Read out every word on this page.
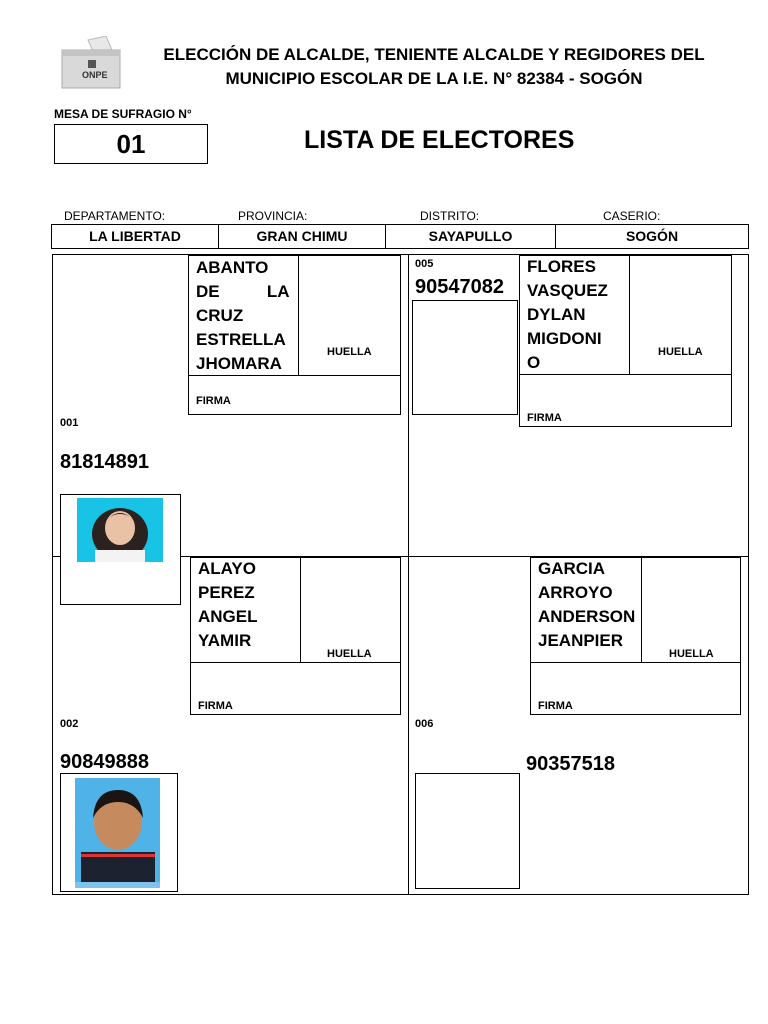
ONPE
ELECCIÓN DE ALCALDE, TENIENTE ALCALDE Y REGIDORES DEL
MUNICIPIO ESCOLAR DE LA I.E. N° 82384 - SOGÓN
MESA DE SUFRAGIO N°
01	LISTA DE ELECTORES
DEPARTAMENTO:	PROVINCIA:	DISTRITO:	CASERIO:
LA LIBERTAD	GRAN CHIMU	SAYAPULLO	SOGÓN
ABANTO
DE          LA
CRUZ
ESTRELLA
JHOMARA
HUELLA
FIRMA
001
81814891
005
90547082
FLORES
VASQUEZ
DYLAN
MIGDONI
O
HUELLA
FIRMA
ALAYO
PEREZ
ANGEL
YAMIR
HUELLA
FIRMA
002
90849888
GARCIA
ARROYO
ANDERSON
JEANPIER
HUELLA
FIRMA
006
90357518
